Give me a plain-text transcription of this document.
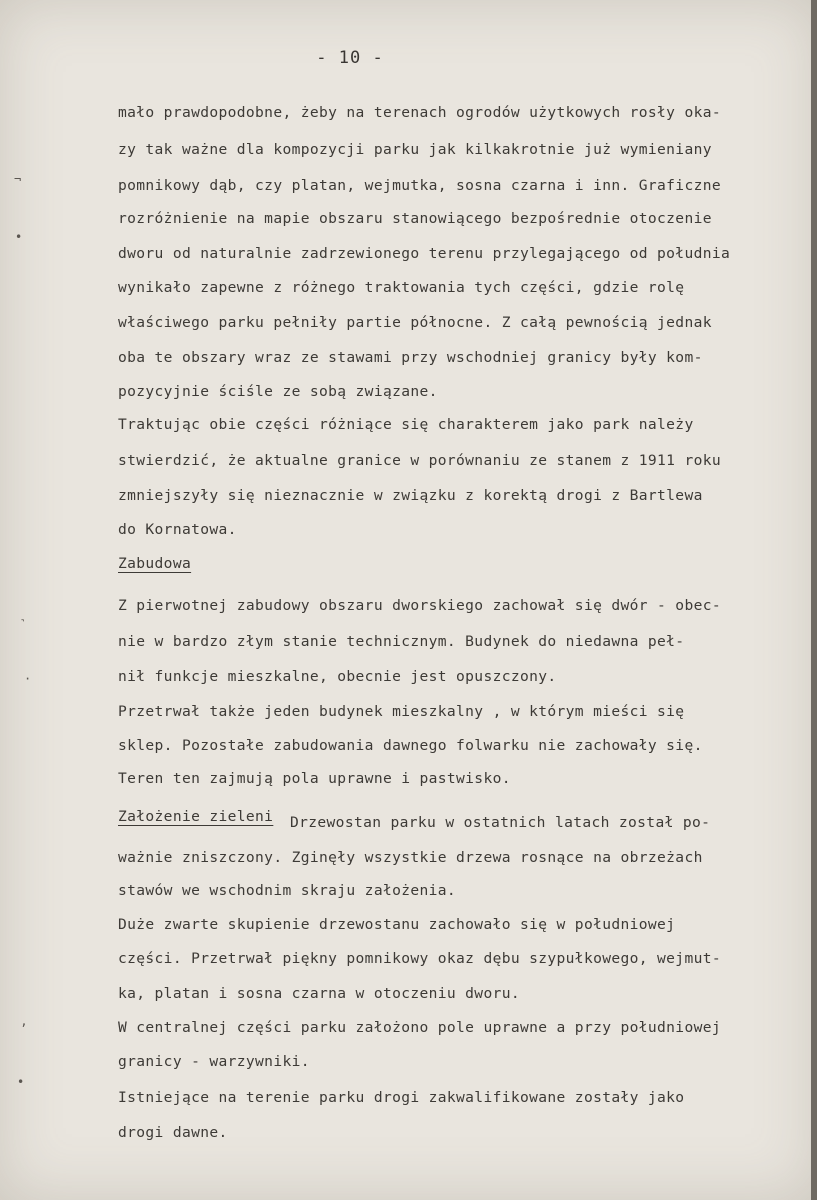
¬
•
˺
·
ʼ
•
- 10 -
mało prawdopodobne, żeby na terenach ogrodów użytkowych rosły oka-
zy tak ważne dla kompozycji parku jak kilkakrotnie już wymieniany
pomnikowy dąb, czy platan, wejmutka, sosna czarna i inn. Graficzne
rozróżnienie na mapie obszaru stanowiącego bezpośrednie otoczenie
dworu od naturalnie zadrzewionego terenu przylegającego od południa
wynikało zapewne z różnego traktowania tych części, gdzie rolę
właściwego parku pełniły partie północne. Z całą pewnością jednak
oba te obszary wraz ze stawami przy wschodniej granicy były kom-
pozycyjnie ściśle ze sobą związane.
Traktując obie części różniące się charakterem jako park należy
stwierdzić, że aktualne granice w porównaniu ze stanem z 1911 roku
zmniejszyły się nieznacznie w związku z korektą drogi z Bartlewa
do Kornatowa.
Zabudowa
Z pierwotnej zabudowy obszaru dworskiego zachował się dwór - obec-
nie w bardzo złym stanie technicznym. Budynek do niedawna peł-
nił funkcje mieszkalne, obecnie jest opuszczony.
Przetrwał także jeden budynek mieszkalny , w którym mieści się
sklep. Pozostałe zabudowania dawnego folwarku nie zachowały się.
Teren ten zajmują pola uprawne i pastwisko.
Założenie zieleni Drzewostan parku w ostatnich latach został po-
ważnie zniszczony. Zginęły wszystkie drzewa rosnące na obrzeżach
stawów we wschodnim skraju założenia.
Duże zwarte skupienie drzewostanu zachowało się w południowej
części. Przetrwał piękny pomnikowy okaz dębu szypułkowego, wejmut-
ka, platan i sosna czarna w otoczeniu dworu.
W centralnej części parku założono pole uprawne a przy południowej
granicy - warzywniki.
Istniejące na terenie parku drogi zakwalifikowane zostały jako
drogi dawne.
